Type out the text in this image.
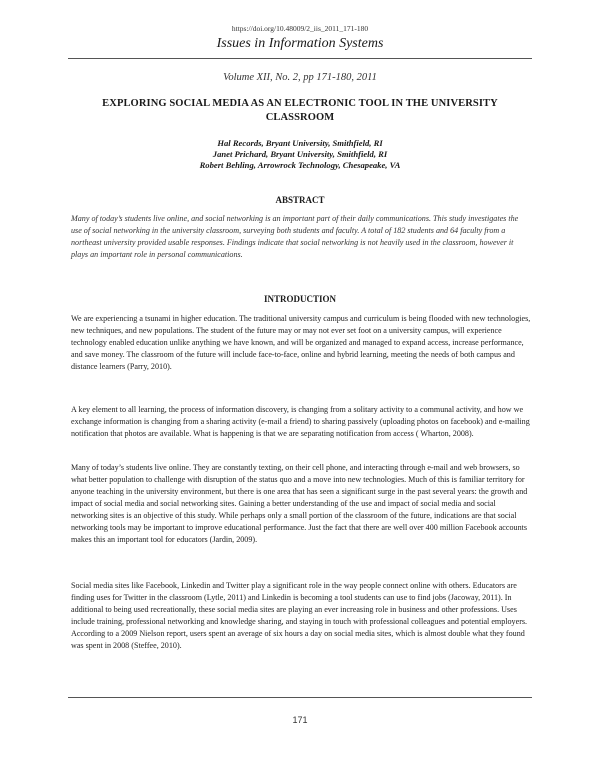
https://doi.org/10.48009/2_iis_2011_171-180
Issues in Information Systems
Volume XII, No. 2, pp 171-180, 2011
EXPLORING SOCIAL MEDIA AS AN ELECTRONIC TOOL IN THE UNIVERSITY CLASSROOM
Hal Records, Bryant University, Smithfield, RI
Janet Prichard, Bryant University, Smithfield, RI
Robert Behling, Arrowrock Technology, Chesapeake, VA
ABSTRACT
Many of today’s students live online, and social networking is an important part of their daily communications. This study investigates the use of social networking in the university classroom, surveying both students and faculty. A total of 182 students and 64 faculty from a northeast university provided usable responses. Findings indicate that social networking is not heavily used in the classroom, however it plays an important role in personal communications.
INTRODUCTION
We are experiencing a tsunami in higher education. The traditional university campus and curriculum is being flooded with new technologies, new techniques, and new populations. The student of the future may or may not ever set foot on a university campus, will experience technology enabled education unlike anything we have known, and will be organized and managed to expand access, increase performance, and save money. The classroom of the future will include face-to-face, online and hybrid learning, meeting the needs of both campus and distance learners (Parry, 2010).
A key element to all learning, the process of information discovery, is changing from a solitary activity to a communal activity, and how we exchange information is changing from a sharing activity (e-mail a friend) to sharing passively (uploading photos on facebook) and e-mailing notification that photos are available. What is happening is that we are separating notification from access ( Wharton, 2008).
Many of today’s students live online. They are constantly texting, on their cell phone, and interacting through e-mail and web browsers, so what better population to challenge with disruption of the status quo and a move into new technologies. Much of this is familiar territory for anyone teaching in the university environment, but there is one area that has seen a significant surge in the past several years: the growth and impact of social media and social networking sites. Gaining a better understanding of the use and impact of social media and social networking sites is an objective of this study. While perhaps only a small portion of the classroom of the future, indications are that social networking tools may be important to improve educational performance. Just the fact that there are well over 400 million Facebook accounts makes this an important tool for educators (Jardin, 2009).
Social media sites like Facebook, Linkedin and Twitter play a significant role in the way people connect online with others. Educators are finding uses for Twitter in the classroom (Lytle, 2011) and Linkedin is becoming a tool students can use to find jobs (Jacoway, 2011). In additional to being used recreationally, these social media sites are playing an ever increasing role in business and other professions. Uses include training, professional networking and knowledge sharing, and staying in touch with professional colleagues and potential employers. According to a 2009 Nielson report, users spent an average of six hours a day on social media sites, which is almost double what they found was spent in 2008 (Steffee, 2010).
171
